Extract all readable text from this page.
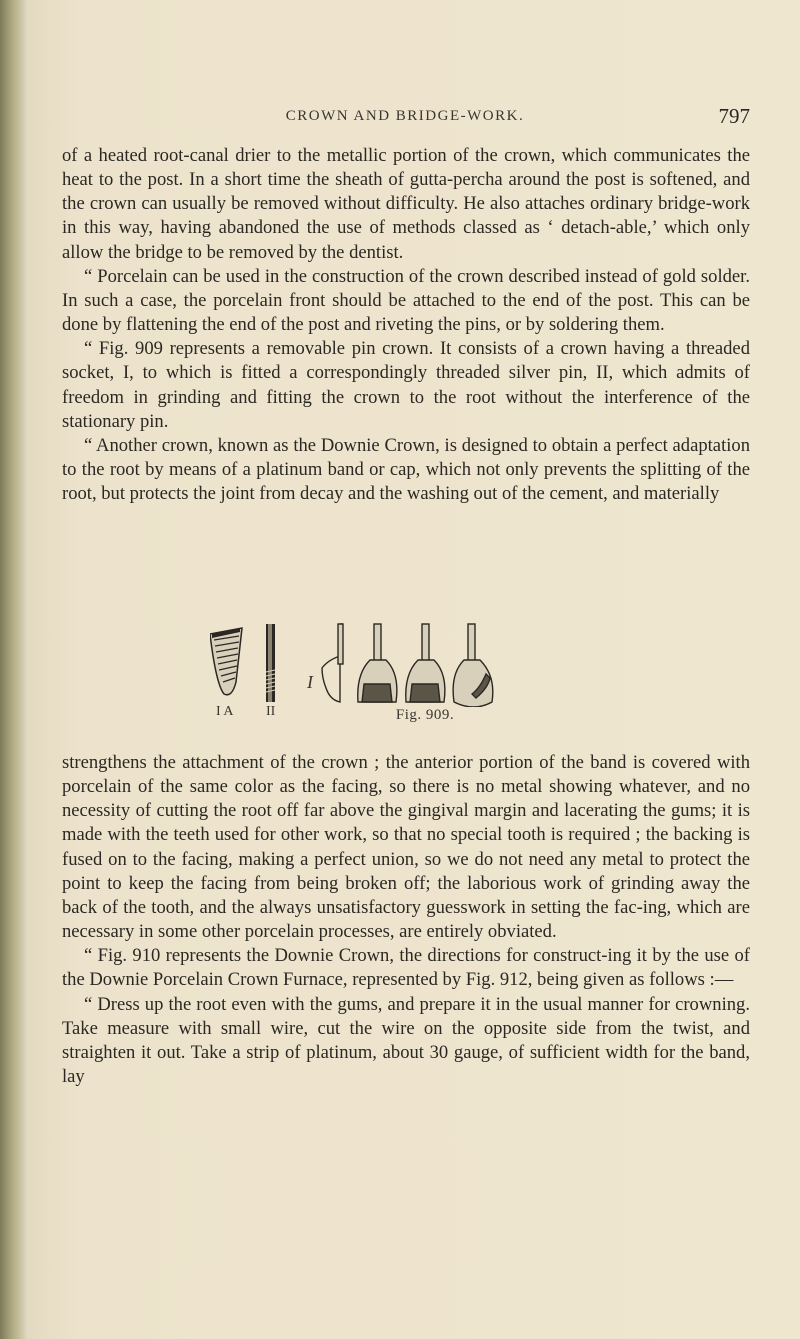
CROWN AND BRIDGE-WORK.	797

of a heated root-canal drier to the metallic portion of the crown, which communicates the heat to the post. In a short time the sheath of gutta-percha around the post is softened, and the crown can usually be removed without difficulty. He also attaches ordinary bridge-work in this way, having abandoned the use of methods classed as ‘ detach-able,’ which only allow the bridge to be removed by the dentist.

“ Porcelain can be used in the construction of the crown described instead of gold solder. In such a case, the porcelain front should be attached to the end of the post. This can be done by flattening the end of the post and riveting the pins, or by soldering them.

“ Fig. 909 represents a removable pin crown. It consists of a crown having a threaded socket, I, to which is fitted a correspondingly threaded silver pin, II, which admits of freedom in grinding and fitting the crown to the root without the interference of the stationary pin.

“ Another crown, known as the Downie Crown, is designed to obtain a perfect adaptation to the root by means of a platinum band or cap, which not only prevents the splitting of the root, but protects the joint from decay and the washing out of the cement, and materially

I A II
I
Fig. 909.

strengthens the attachment of the crown ; the anterior portion of the band is covered with porcelain of the same color as the facing, so there is no metal showing whatever, and no necessity of cutting the root off far above the gingival margin and lacerating the gums; it is made with the teeth used for other work, so that no special tooth is required ; the backing is fused on to the facing, making a perfect union, so we do not need any metal to protect the point to keep the facing from being broken off; the laborious work of grinding away the back of the tooth, and the always unsatisfactory guesswork in setting the fac-ing, which are necessary in some other porcelain processes, are entirely obviated.

“ Fig. 910 represents the Downie Crown, the directions for construct-ing it by the use of the Downie Porcelain Crown Furnace, represented by Fig. 912, being given as follows :—

“ Dress up the root even with the gums, and prepare it in the usual manner for crowning. Take measure with small wire, cut the wire on the opposite side from the twist, and straighten it out. Take a strip of platinum, about 30 gauge, of sufficient width for the band, lay
